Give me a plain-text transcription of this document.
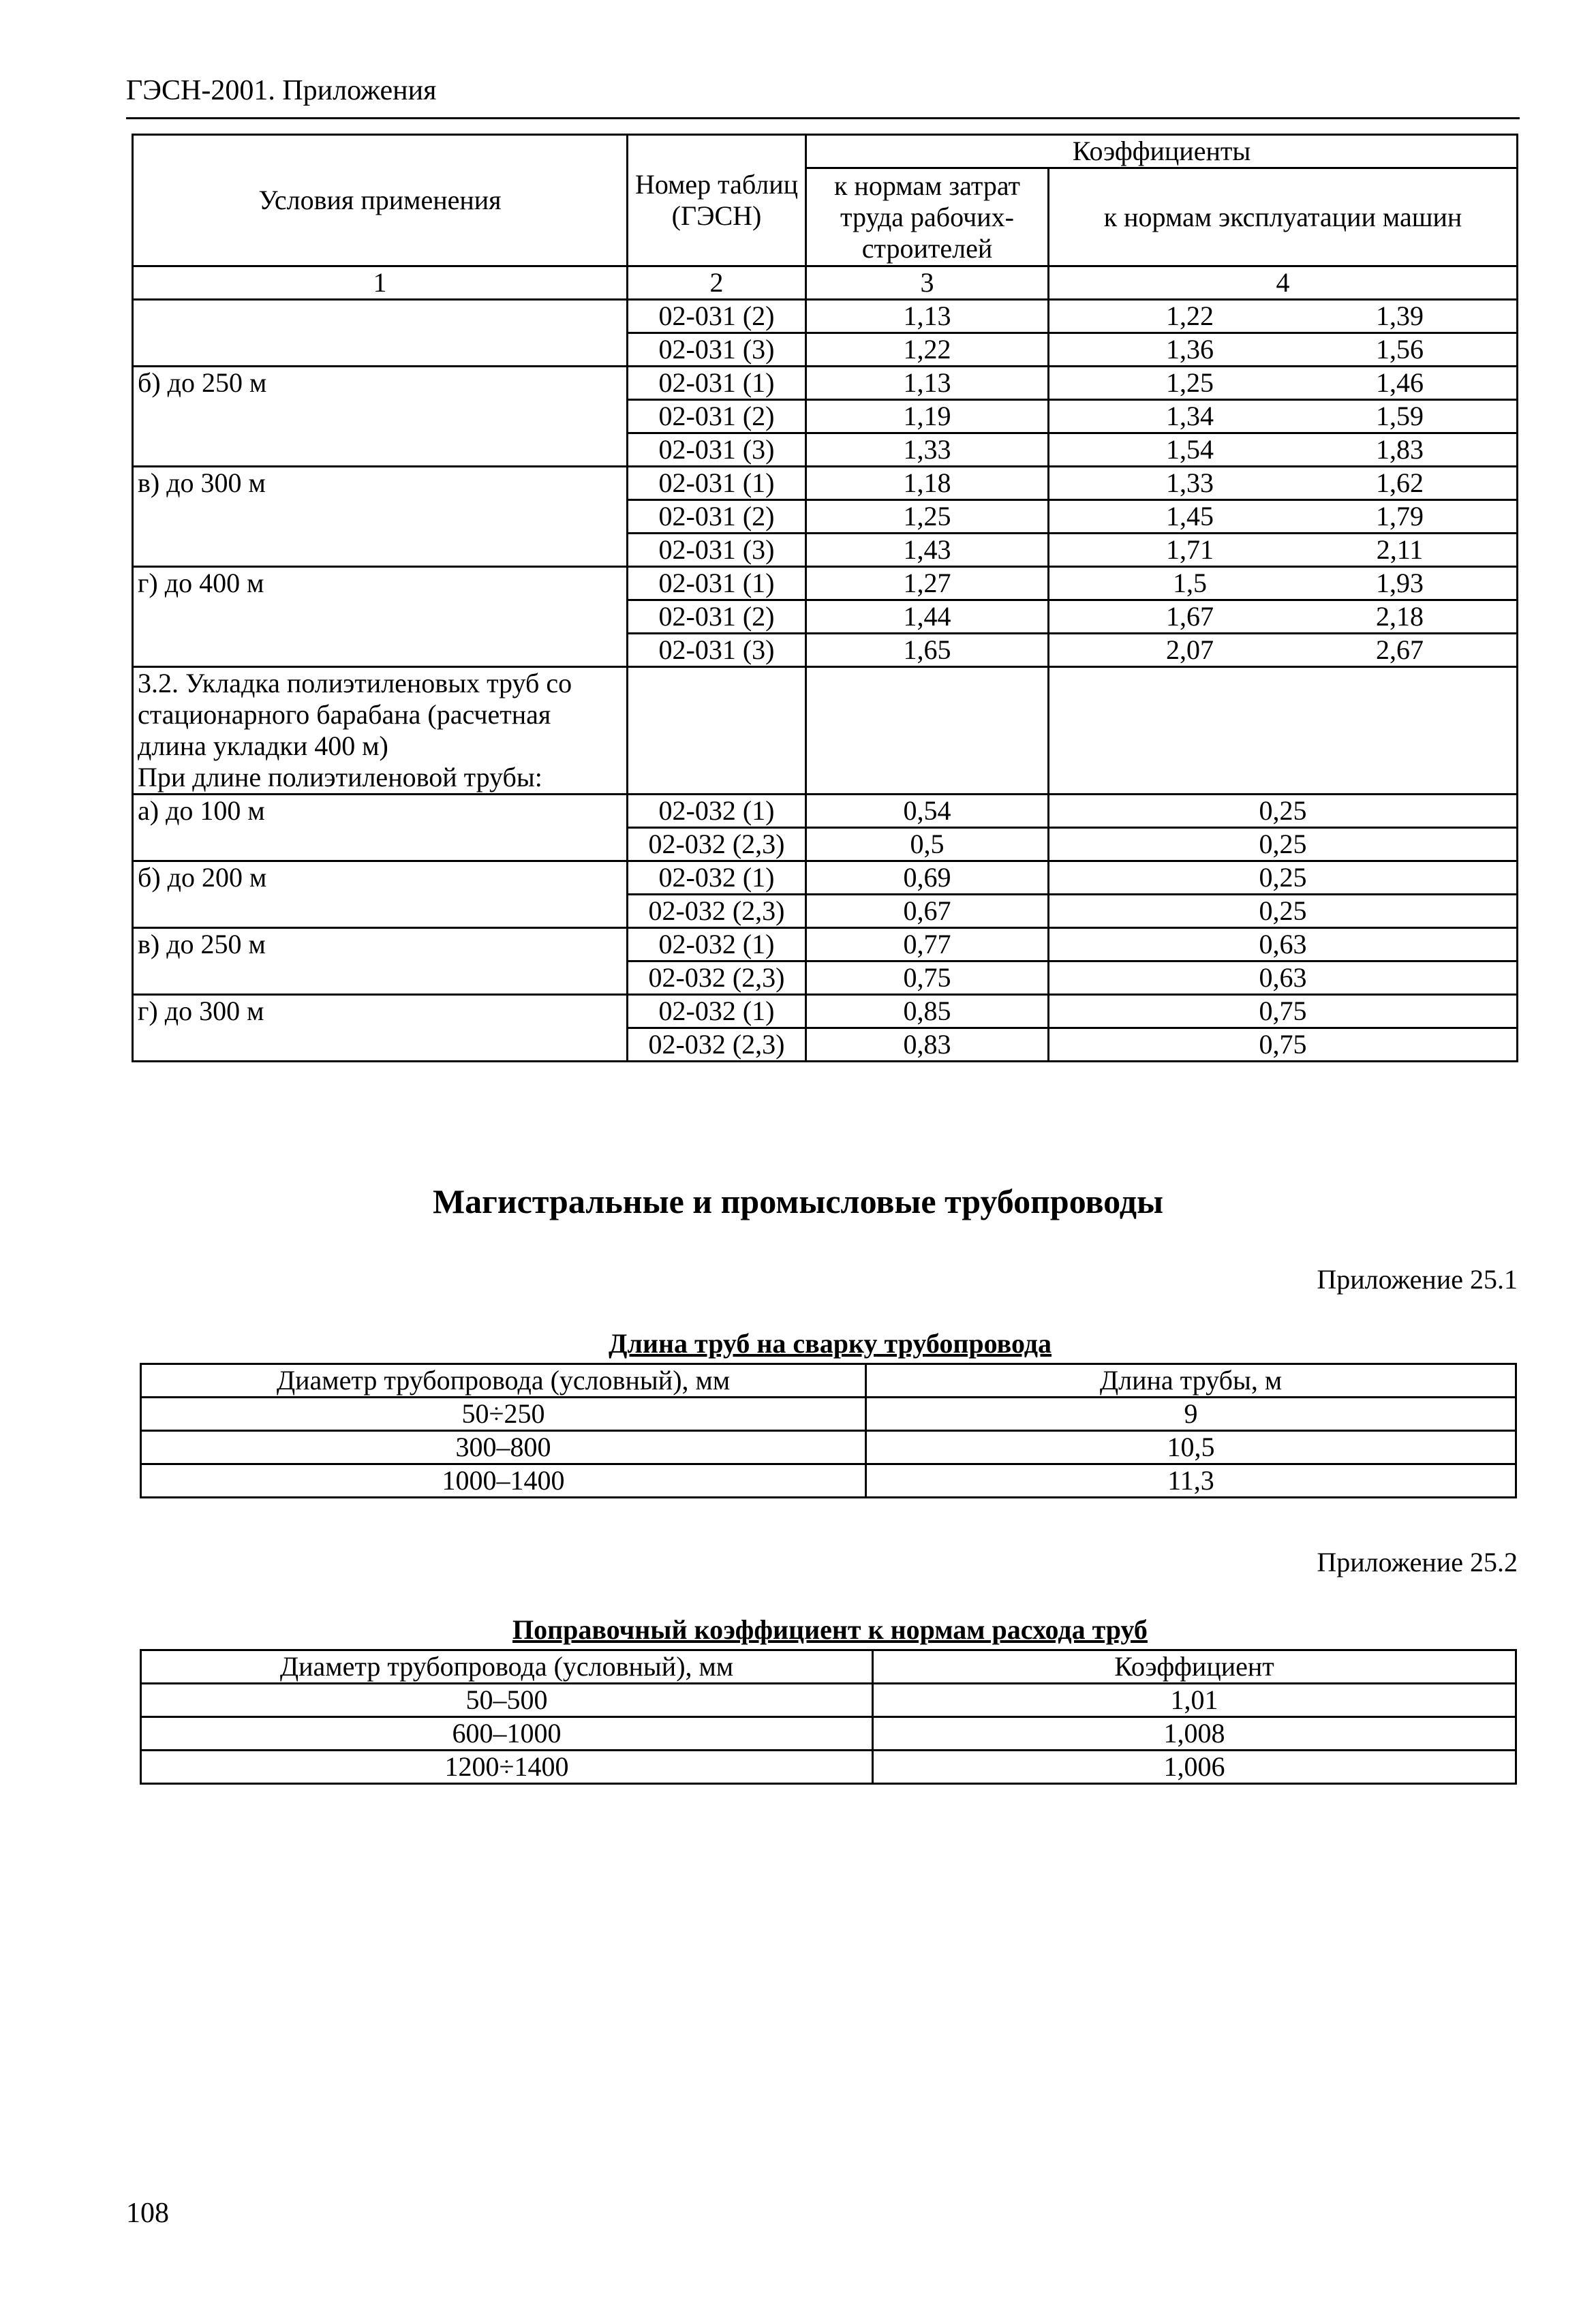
ГЭСН-2001. Приложения
Условия применения	Номер таблиц (ГЭСН)	Коэффициенты	
		к нормам затрат труда рабочих-строителей	к нормам эксплуатации машин
1	2	3	4
	02-031 (2)	1,13	1,22 1,39

	02-031 (3)	1,22	1,36 1,56

б) до 250 м	02-031 (1)	1,13	1,25 1,46

	02-031 (2)	1,19	1,34 1,59

	02-031 (3)	1,33	1,54 1,83

в) до 300 м	02-031 (1)	1,18	1,33 1,62

	02-031 (2)	1,25	1,45 1,79

	02-031 (3)	1,43	1,71 2,11

г) до 400 м	02-031 (1)	1,27	1,5 1,93

	02-031 (2)	1,44	1,67 2,18

	02-031 (3)	1,65	2,07 2,67

3.2. Укладка полиэтиленовых труб со
стационарного барабана (расчетная
длина укладки 400 м)
При длине полиэтиленовой трубы:			

а) до 100 м	02-032 (1)	0,54	0,25
	02-032 (2,3)	0,5	0,25
б) до 200 м	02-032 (1)	0,69	0,25
	02-032 (2,3)	0,67	0,25
в) до 250 м	02-032 (1)	0,77	0,63
	02-032 (2,3)	0,75	0,63
г) до 300 м	02-032 (1)	0,85	0,75
	02-032 (2,3)	0,83	0,75
Магистральные и промысловые трубопроводы
Приложение 25.1
Длина труб на сварку трубопровода
Диаметр трубопровода (условный), мм	Длина трубы, м
50÷250	9
300–800	10,5
1000–1400	11,3
Приложение 25.2
Поправочный коэффициент к нормам расхода труб
Диаметр трубопровода (условный), мм	Коэффициент
50–500	1,01
600–1000	1,008
1200÷1400	1,006
108
